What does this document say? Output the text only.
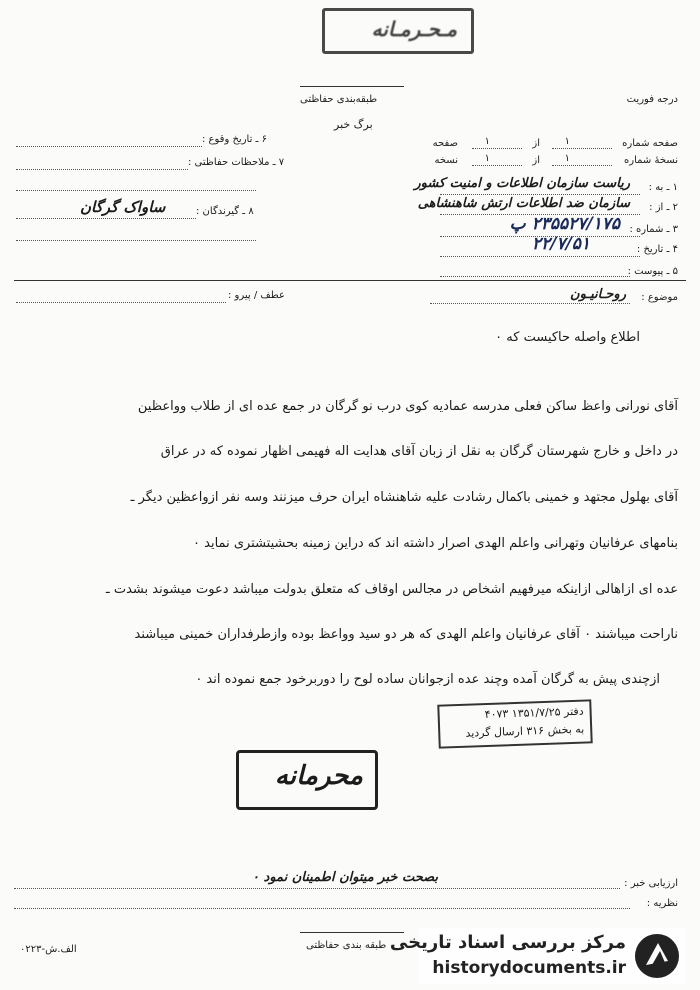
مـحـرمـانه
طبقه‌بندی حفاظتی	درجه فوریت
برگ خبر
صفحه شماره
۱
از
۱
صفحه
نسخهٔ شماره
۱
از
۱
نسخه
۱ ـ به :
ریاست سازمان اطلاعات و امنیت کشور
۲ ـ از :
سازمان ضد اطلاعات ارتش شاهنشاهی
۳ ـ شماره :
۲۳۵۵۲۷/۱۷۵ پ
۴ ـ تاریخ :
۲۲/۷/۵۱
۵ ـ پیوست :
۶ ـ تاریخ وقوع :
۷ ـ ملاحظات حفاظتی :
۸ ـ گیرندگان :
ساواک گرگان
موضوع :
روحـانیـون
عطف / پیرو :
اطلاع واصله حاکیست که ۰
آقای نورانی واعظ ساکن فعلی مدرسه عمادیه کوی درب نو گرگان در جمع عده ای از طلاب وواعظین
در داخل و خارج شهرستان گرگان به نقل از زبان آقای هدایت اله فهیمی اظهار نموده که در عراق
آقای بهلول مجتهد و خمینی باکمال رشادت علیه شاهنشاه ایران حرف میزنند وسه نفر ازواعظین دیگر ـ
بنامهای عرفانیان وتهرانی واعلم الهدی اصرار داشته اند که دراین زمینه بحشیتشتری نماید ۰
عده ای ازاهالی ازاینکه میرفهیم اشخاص در مجالس اوقاف که متعلق بدولت میباشد دعوت میشوند بشدت ـ
ناراحت میباشند ۰ آقای عرفانیان واعلم الهدی که هر دو سید وواعظ بوده وازطرفداران خمینی میباشند
ازچندی پیش به گرگان آمده وچند عده ازجوانان ساده لوح را دوربرخود جمع نموده اند ۰
دفتر ۱۳۵۱/۷/۲۵ ۴۰۷۳
به بخش ۳۱۶ ارسال گردید
محرمانه
ارزیابی خبر :
بصحت خبر میتوان اطمینان نمود ۰
نظریه :
طبقه بندی حفاظتی
الف.ش-۰۲۲۳	مرکز بررسی اسناد تاریخی
historydocuments.ir
